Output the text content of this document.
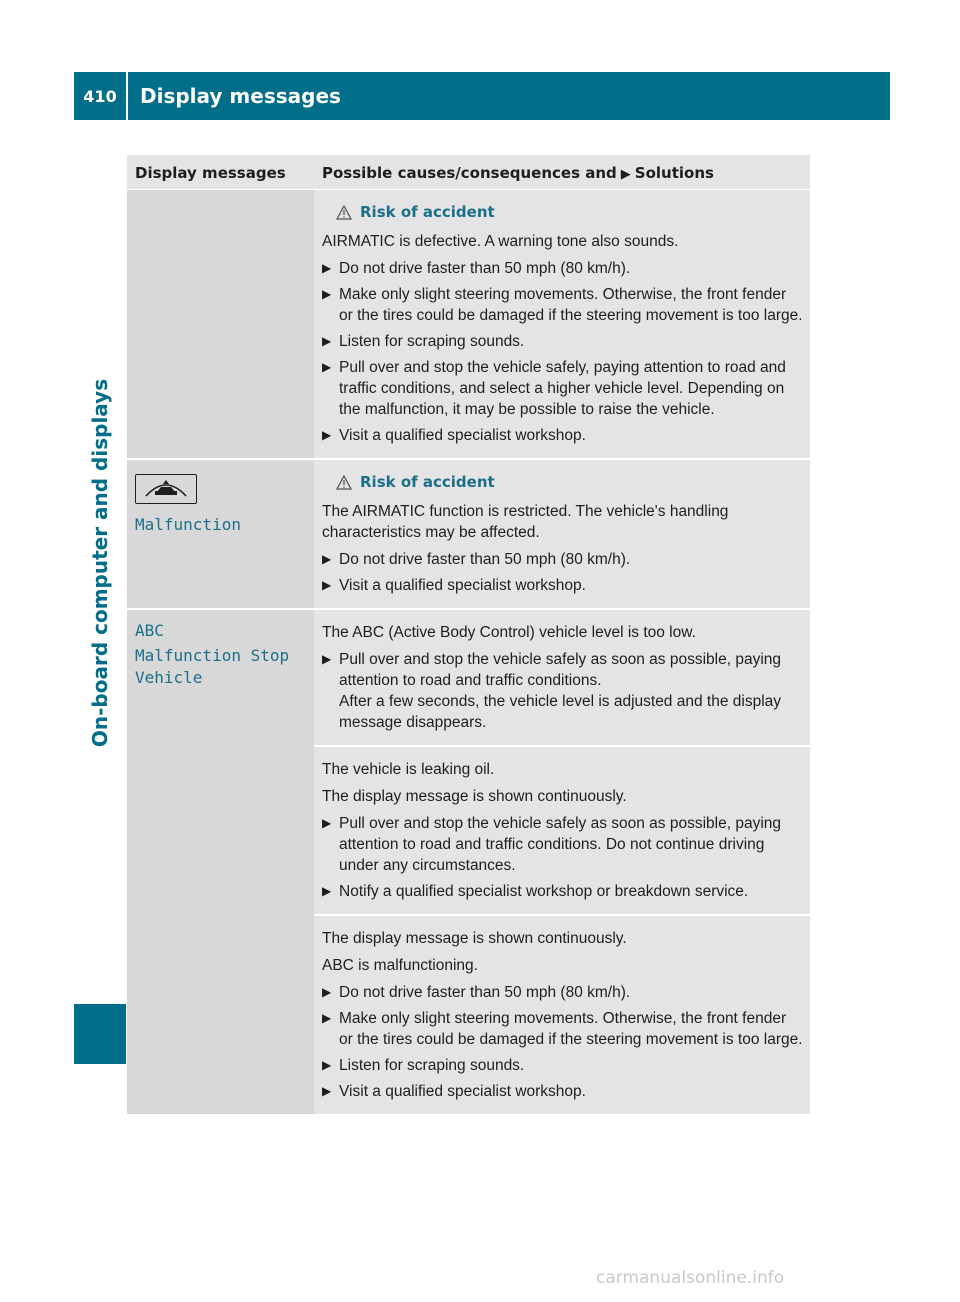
410	Display messages
On-board computer and displays
Display messages	Possible causes/consequences and ▶ Solutions
Risk of accident

AIRMATIC is defective. A warning tone also sounds.

▶ Do not drive faster than 50 mph (80 km/h).
▶ Make only slight steering movements. Otherwise, the front fender or the tires could be damaged if the steering movement is too large.
▶ Listen for scraping sounds.
▶ Pull over and stop the vehicle safely, paying attention to road and traffic conditions, and select a higher vehicle level. Depending on the malfunction, it may be possible to raise the vehicle.
▶ Visit a qualified specialist workshop.
Malfunction
Risk of accident

The AIRMATIC function is restricted. The vehicle's handling characteristics may be affected.

▶ Do not drive faster than 50 mph (80 km/h).
▶ Visit a qualified specialist workshop.
ABC
Malfunction Stop Vehicle

The ABC (Active Body Control) vehicle level is too low.

▶ Pull over and stop the vehicle safely as soon as possible, paying attention to road and traffic conditions.
After a few seconds, the vehicle level is adjusted and the display message disappears.

The vehicle is leaking oil.

The display message is shown continuously.

▶ Pull over and stop the vehicle safely as soon as possible, paying attention to road and traffic conditions. Do not continue driving under any circumstances.
▶ Notify a qualified specialist workshop or breakdown service.

The display message is shown continuously.

ABC is malfunctioning.

▶ Do not drive faster than 50 mph (80 km/h).
▶ Make only slight steering movements. Otherwise, the front fender or the tires could be damaged if the steering movement is too large.
▶ Listen for scraping sounds.
▶ Visit a qualified specialist workshop.
carmanualsonline.info
